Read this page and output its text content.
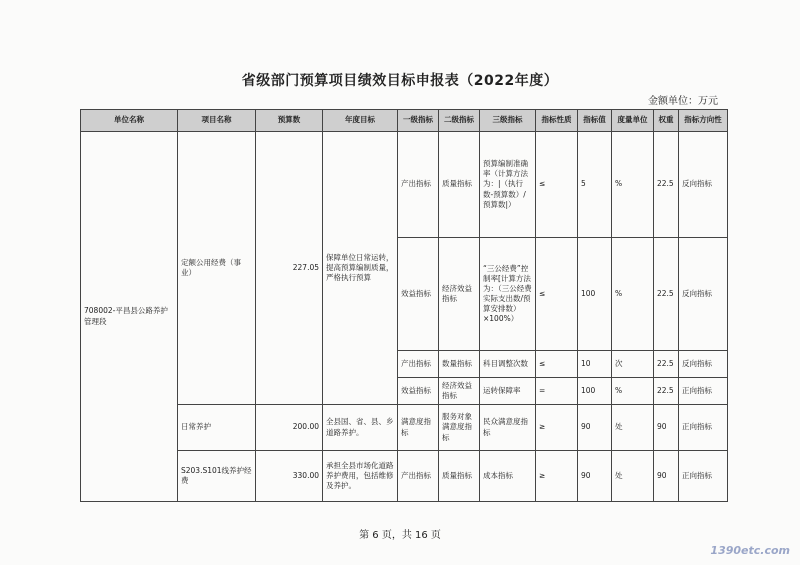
省级部门预算项目绩效目标申报表（2022年度）
金额单位：万元
单位名称	项目名称	预算数	年度目标	一级指标	二级指标	三级指标	指标性质	指标值	度量单位	权重	指标方向性
708002-平昌县公路养护管理段	定额公用经费（事业）	227.05	保障单位日常运转，提高预算编制质量，严格执行预算	产出指标	质量指标	预算编制准确率（计算方法为：|（执行数-预算数）/预算数|）	≤	5	%	22.5	反向指标
				效益指标	经济效益指标	“三公经费”控制率[计算方法为：（三公经费实际支出数/预算安排数）×100%）	≤	100	%	22.5	反向指标
				产出指标	数量指标	科目调整次数	≤	10	次	22.5	反向指标
				效益指标	经济效益指标	运转保障率	=	100	%	22.5	正向指标
	日常养护	200.00	全县国、省、县、乡道路养护。	满意度指标	服务对象满意度指标	民众满意度指标	≥	90	处	90	正向指标
	S203.S101线养护经费	330.00	承担全县市场化道路养护费用，包括维修及养护。	产出指标	质量指标	成本指标	≥	90	处	90	正向指标
第 6 页，共 16 页
1390etc.com
